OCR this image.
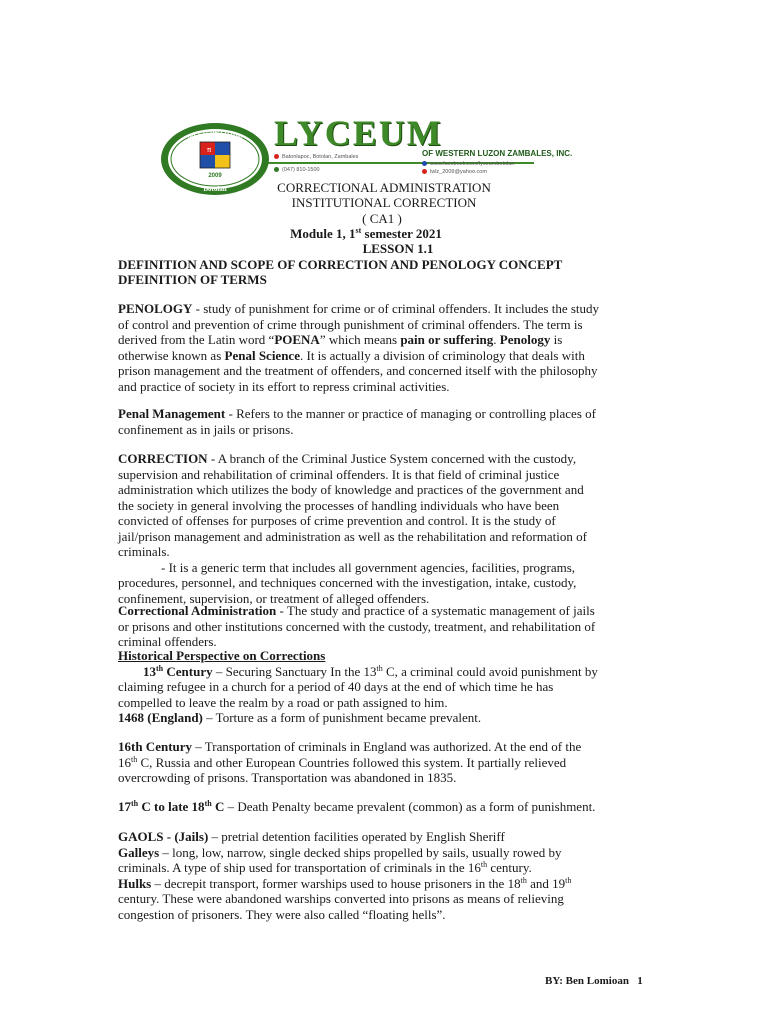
π
WESTERN LUZON
2009
Botolan
LYCEUM
OF WESTERN LUZON ZAMBALES, INC.
Batonlapoc, Botolan, Zambales
(047) 810-1500
www.facebook.com/lyceumbotolan
lwlz_2009@yahoo.com
CORRECTIONAL ADMINISTRATION
INSTITUTIONAL CORRECTION
( CA1 )
Module 1, 1st semester 2021
LESSON 1.1
DEFINITION AND SCOPE OF CORRECTION AND PENOLOGY CONCEPT
DFEINITION OF TERMS
PENOLOGY - study of punishment for crime or of criminal offenders. It includes the study
of control and prevention of crime through punishment of criminal offenders. The term is
derived from the Latin word “POENA” which means pain or suffering. Penology is
otherwise known as Penal Science. It is actually a division of criminology that deals with
prison management and the treatment of offenders, and concerned itself with the philosophy
and practice of society in its effort to repress criminal activities.
Penal Management - Refers to the manner or practice of managing or controlling places of
confinement as in jails or prisons.
CORRECTION - A branch of the Criminal Justice System concerned with the custody,
supervision and rehabilitation of criminal offenders. It is that field of criminal justice
administration which utilizes the body of knowledge and practices of the government and
the society in general involving the processes of handling individuals who have been
convicted of offenses for purposes of crime prevention and control. It is the study of
jail/prison management and administration as well as the rehabilitation and reformation of
criminals.
- It is a generic term that includes all government agencies, facilities, programs,
procedures, personnel, and techniques concerned with the investigation, intake, custody,
confinement, supervision, or treatment of alleged offenders.
Correctional Administration - The study and practice of a systematic management of jails
or prisons and other institutions concerned with the custody, treatment, and rehabilitation of
criminal offenders.
Historical Perspective on Corrections
13th Century – Securing Sanctuary In the 13th C, a criminal could avoid punishment by
claiming refugee in a church for a period of 40 days at the end of which time he has
compelled to leave the realm by a road or path assigned to him.
1468 (England) – Torture as a form of punishment became prevalent.
16th Century – Transportation of criminals in England was authorized. At the end of the
16th C, Russia and other European Countries followed this system. It partially relieved
overcrowding of prisons. Transportation was abandoned in 1835.
17th C to late 18th C – Death Penalty became prevalent (common) as a form of punishment.
GAOLS - (Jails) – pretrial detention facilities operated by English Sheriff
Galleys – long, low, narrow, single decked ships propelled by sails, usually rowed by
criminals. A type of ship used for transportation of criminals in the 16th century.
Hulks – decrepit transport, former warships used to house prisoners in the 18th and 19th
century. These were abandoned warships converted into prisons as means of relieving
congestion of prisoners. They were also called “floating hells”.
BY: Ben Lomioan 1
